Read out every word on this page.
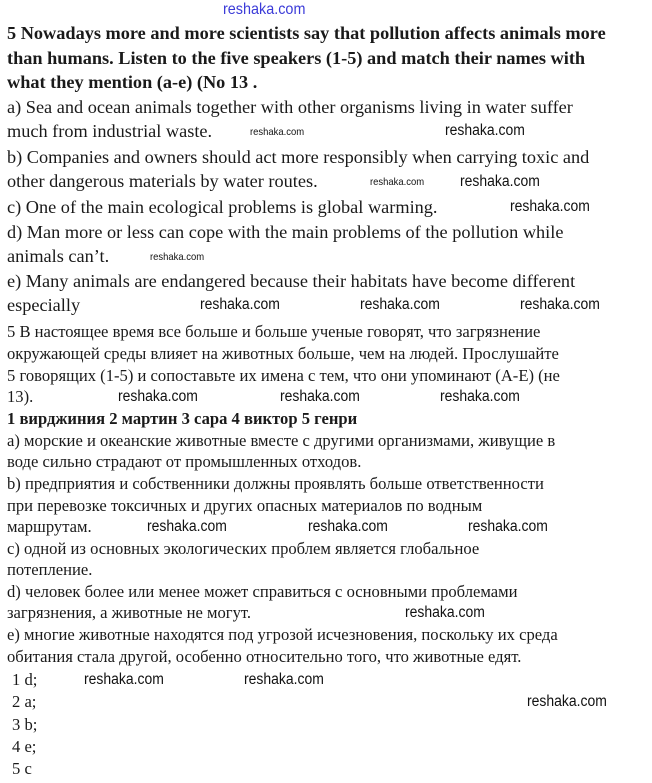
reshaka.com
5 Nowadays more and more scientists say that pollution affects animals more
than humans. Listen to the five speakers (1-5) and match their names with
what they mention (a-e) (No 13 .
a) Sea and ocean animals together with other organisms living in water suffer
much from industrial waste.
b) Companies and owners should act more responsibly when carrying toxic and
other dangerous materials by water routes.
c) One of the main ecological problems is global warming.
d) Man more or less can cope with the main problems of the pollution while
animals can’t.
e) Many animals are endangered because their habitats have become different
especially
5 В настоящее время все больше и больше ученые говорят, что загрязнение
окружающей среды влияет на животных больше, чем на людей. Прослушайте
5 говорящих (1-5) и сопоставьте их имена с тем, что они упоминают (А-Е) (не
13).
1 вирджиния 2 мартин 3 сара 4 виктор 5 генри
a) морские и океанские животные вместе с другими организмами, живущие в
воде сильно страдают от промышленных отходов.
b) предприятия и собственники должны проявлять больше ответственности
при перевозке токсичных и других опасных материалов по водным
маршрутам.
c) одной из основных экологических проблем является глобальное
потепление.
d) человек более или менее может справиться с основными проблемами
загрязнения, а животные не могут.
e) многие животные находятся под угрозой исчезновения, поскольку их среда
обитания стала другой, особенно относительно того, что животные едят.
1 d;
2 a;
3 b;
4 e;
5 c
reshaka.com
reshaka.com
reshaka.com
reshaka.com
reshaka.com
reshaka.com
reshaka.com
reshaka.com	reshaka.com
reshaka.com	reshaka.com	reshaka.com
reshaka.com	reshaka.com
reshaka.com
reshaka.com
reshaka.com	reshaka.com
reshaka.com
